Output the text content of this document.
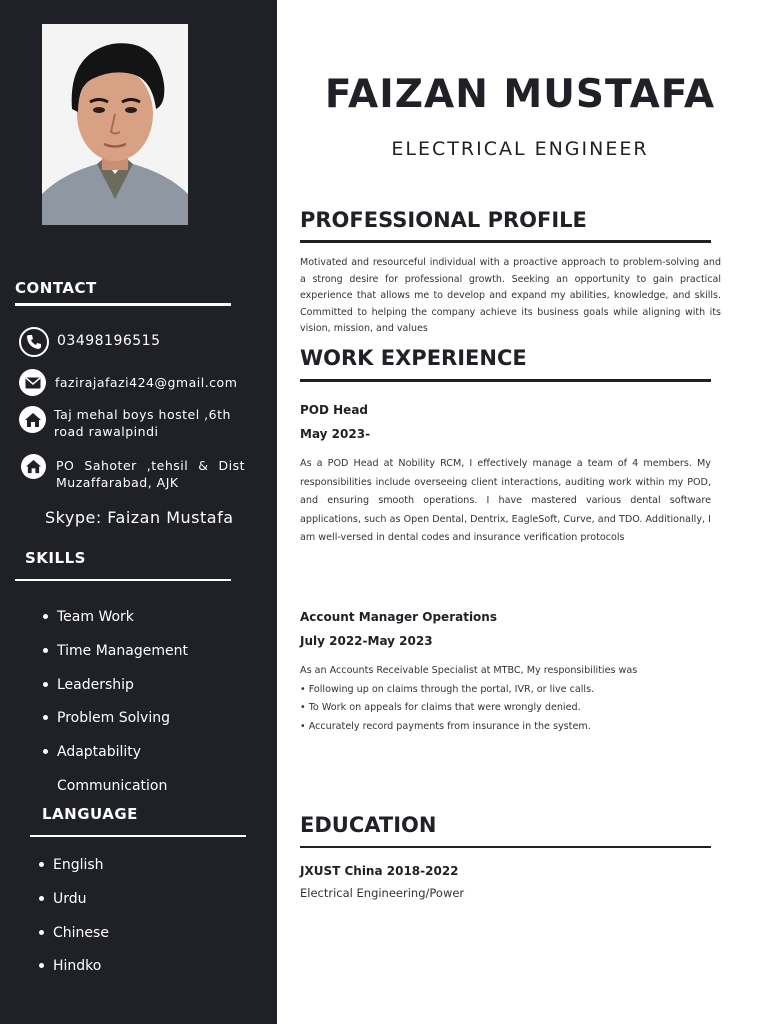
CONTACT
03498196515
fazirajafazi424@gmail.com
Taj mehal boys hostel ,6th road rawalpindi
PO Sahoter ,tehsil & Dist Muzaffarabad, AJK
Skype: Faizan Mustafa
SKILLS
Team Work
Time Management
Leadership
Problem Solving
Adaptability
Communication
LANGUAGE
English
Urdu
Chinese
Hindko
FAIZAN MUSTAFA
ELECTRICAL ENGINEER
PROFESSIONAL PROFILE
Motivated and resourceful individual with a proactive approach to problem-solving and a strong desire for professional growth. Seeking an opportunity to gain practical experience that allows me to develop and expand my abilities, knowledge, and skills. Committed to helping the company achieve its business goals while aligning with its vision, mission, and values
WORK EXPERIENCE
POD Head
May 2023-
As a POD Head at Nobility RCM, I effectively manage a team of 4 members. My responsibilities include overseeing client interactions, auditing work within my POD, and ensuring smooth operations. I have mastered various dental software applications, such as Open Dental, Dentrix, EagleSoft, Curve, and TDO. Additionally, I am well-versed in dental codes and insurance verification protocols
Account Manager Operations
July 2022-May 2023
As an Accounts Receivable Specialist at MTBC, My responsibilities was
• Following up on claims through the portal, IVR, or live calls.
• To Work on appeals for claims that were wrongly denied.
• Accurately record payments from insurance in the system.
EDUCATION
JXUST China 2018-2022
Electrical Engineering/Power
